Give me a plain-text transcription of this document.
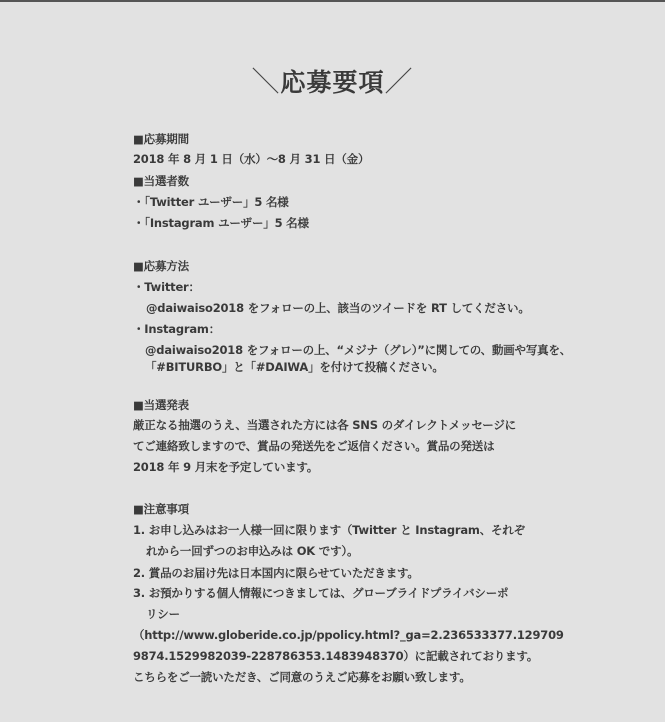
＼応募要項／
■応募期間
2018 年 8 月 1 日（水）～8 月 31 日（金）
■当選者数
・「Twitter ユーザー」5 名様
・「Instagram ユーザー」5 名様
■応募方法
・Twitter：
@daiwaiso2018 をフォローの上、該当のツイードを RT してください。
・Instagram：
@daiwaiso2018 をフォローの上、“メジナ（グレ）”に関しての、動画や写真を、
「#BITURBO」と「#DAIWA」を付けて投稿ください。
■当選発表
厳正なる抽選のうえ、当選された方には各 SNS のダイレクトメッセージに
てご連絡致しますので、賞品の発送先をご返信ください。賞品の発送は
2018 年 9 月末を予定しています。
■注意事項
1. お申し込みはお一人様一回に限ります（Twitter と Instagram、それぞ
れから一回ずつのお申込みは OK です）。
2. 賞品のお届け先は日本国内に限らせていただきます。
3. お預かりする個人情報につきましては、グローブライドプライバシーポ
リシー
（http://www.globeride.co.jp/ppolicy.html?_ga=2.236533377.129709
9874.1529982039-228786353.1483948370）に記載されております。
こちらをご一読いただき、ご同意のうえご応募をお願い致します。
